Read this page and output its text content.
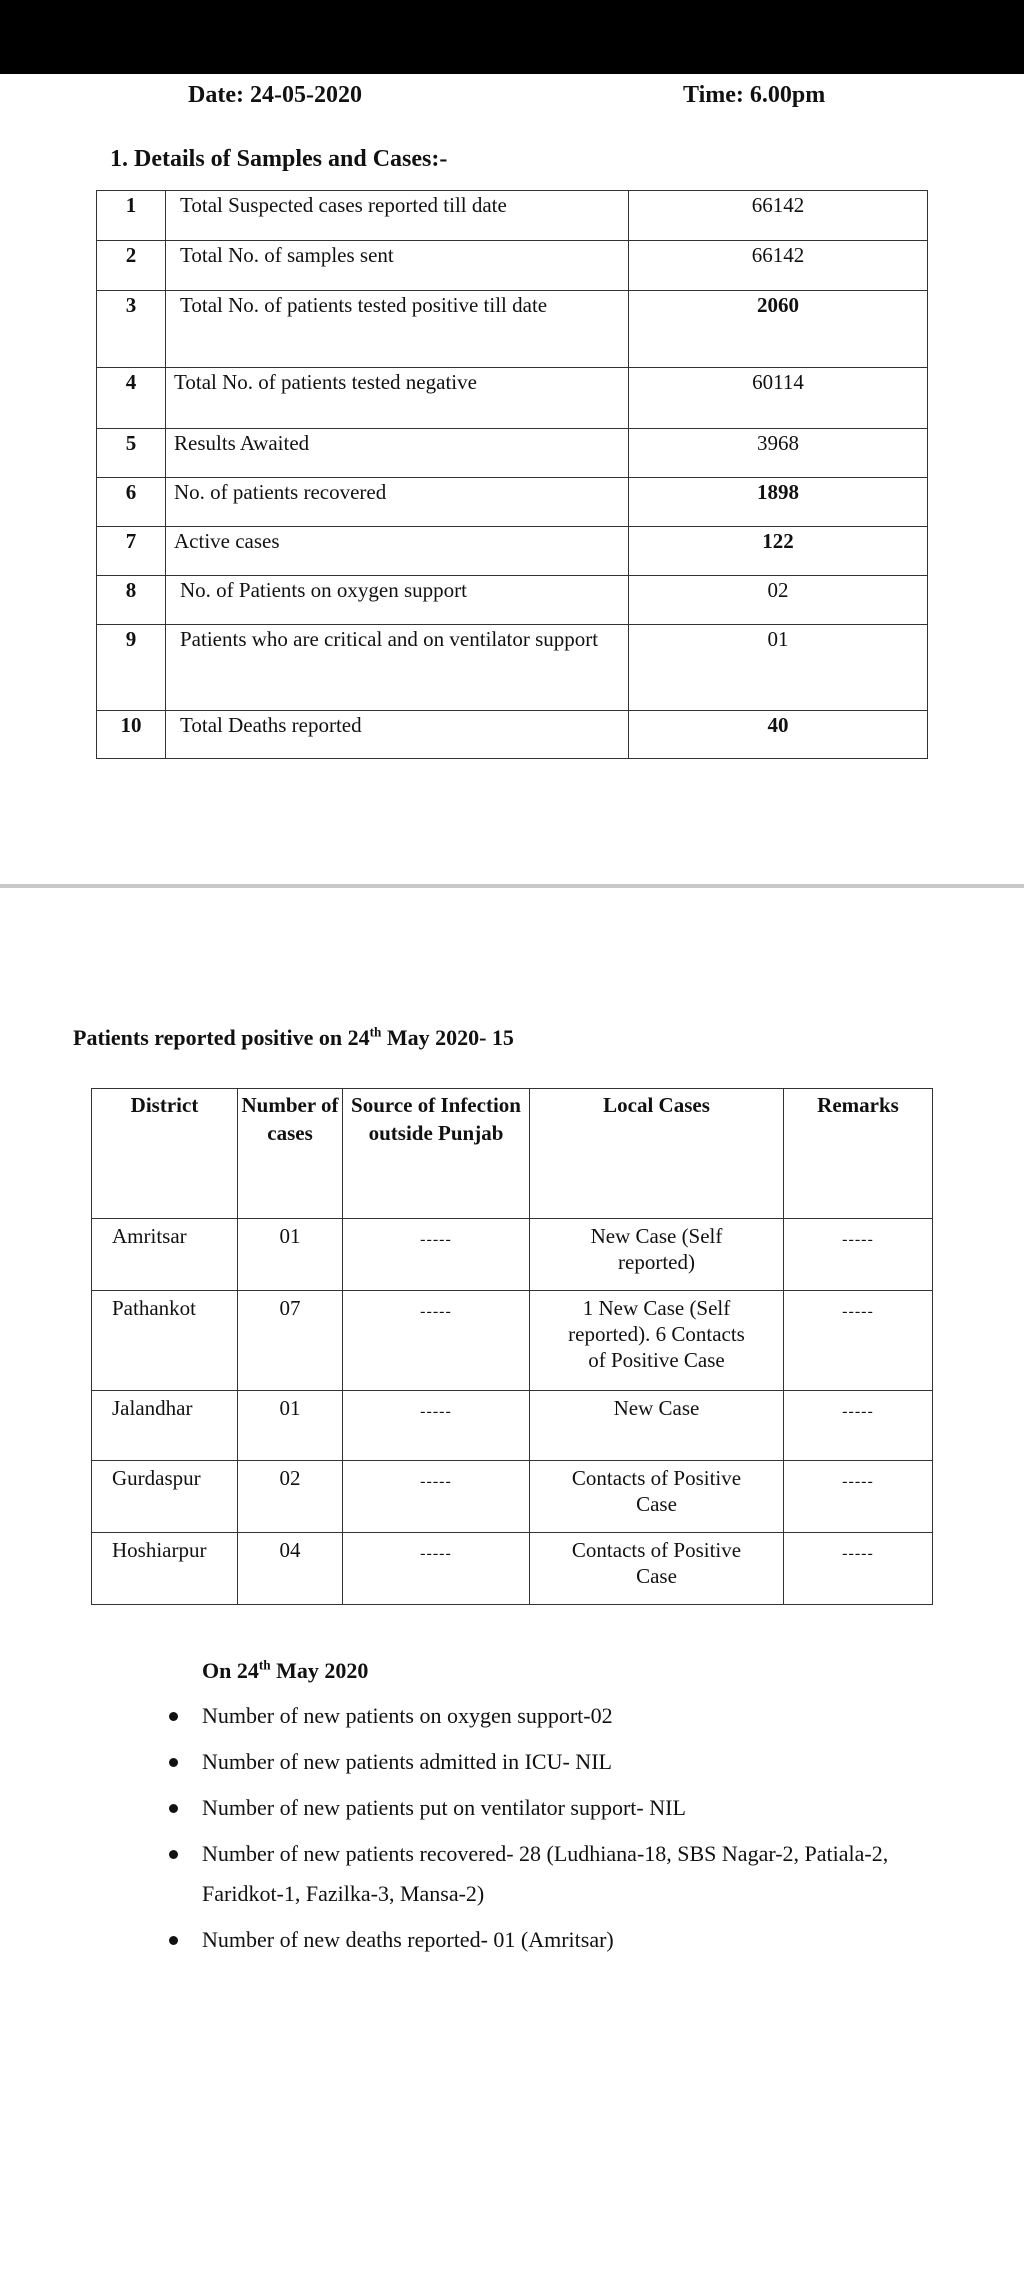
Date: 24-05-2020	Time: 6.00pm
1. Details of Samples and Cases:-
1	Total Suspected cases reported till date	66142
2	Total No. of samples sent	66142
3	Total No. of patients tested positive till date	2060
4	Total No. of patients tested negative	60114
5	Results Awaited	3968
6	No. of patients recovered	1898
7	Active cases	122
8	No. of Patients on oxygen support	02
9	Patients who are critical and on ventilator support	01
10	Total Deaths reported	40
Patients reported positive on 24th May 2020- 15
District	Number of cases	Source of Infection outside Punjab	Local Cases	Remarks
Amritsar	01	-----	New Case (Self reported)	-----
Pathankot	07	-----	1 New Case (Self reported). 6 Contacts of Positive Case	-----
Jalandhar	01	-----	New Case	-----
Gurdaspur	02	-----	Contacts of Positive Case	-----
Hoshiarpur	04	-----	Contacts of Positive Case	-----
On 24th May 2020
Number of new patients on oxygen support-02
Number of new patients admitted in ICU- NIL
Number of new patients put on ventilator support- NIL
Number of new patients recovered- 28 (Ludhiana-18, SBS Nagar-2, Patiala-2, Faridkot-1, Fazilka-3, Mansa-2)
Number of new deaths reported- 01 (Amritsar)
